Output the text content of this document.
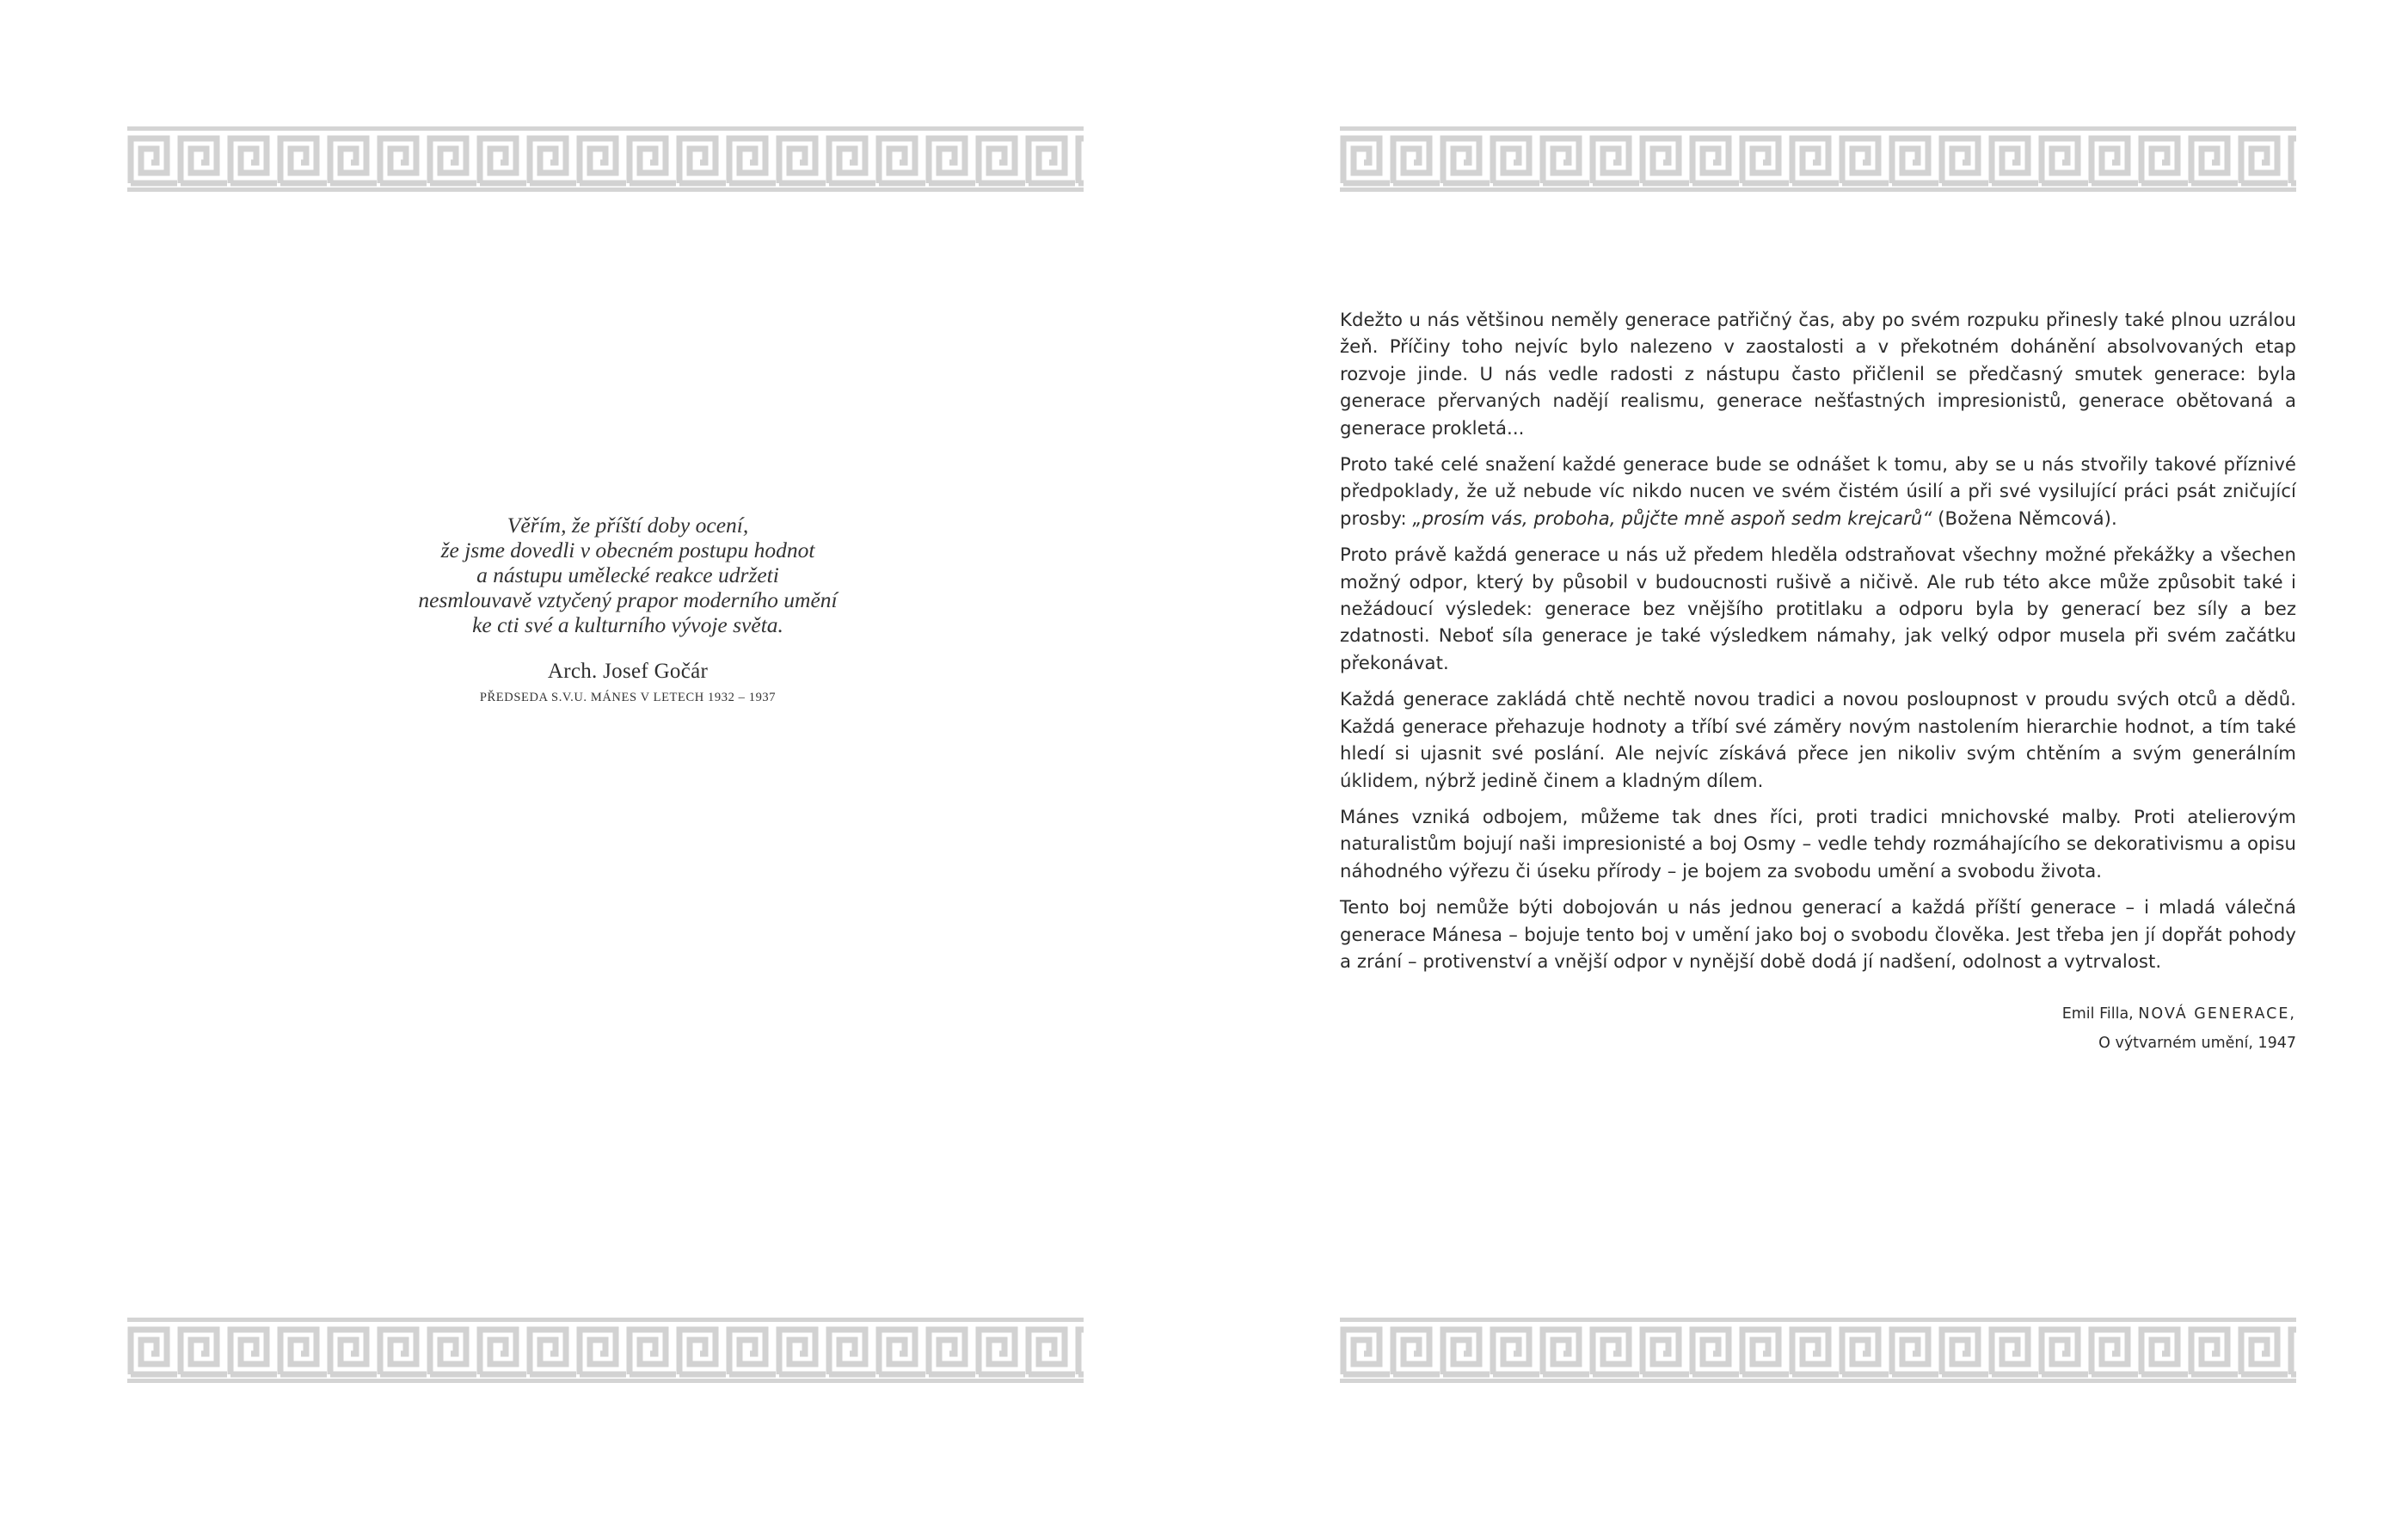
Věřím, že příští doby ocení,
že jsme dovedli v obecném postupu hodnot
a nástupu umělecké reakce udržeti
nesmlouvavě vztyčený prapor moderního umění
ke cti své a kulturního vývoje světa.

Arch. Josef Gočár
PŘEDSEDA S.V.U. MÁNES V LETECH 1932 – 1937

Kdežto u nás většinou neměly generace patřičný čas, aby po svém rozpuku přinesly také plnou uzrálou žeň. Příčiny toho nejvíc bylo nalezeno v zaostalosti a v překotném dohánění absolvovaných etap rozvoje jinde. U nás vedle radosti z nástupu často přičlenil se předčasný smutek generace: byla generace přervaných nadějí realismu, generace nešťastných impresionistů, generace obětovaná a generace prokletá...

Proto také celé snažení každé generace bude se odnášet k tomu, aby se u nás stvořily takové příznivé předpoklady, že už nebude víc nikdo nucen ve svém čistém úsilí a při své vysilující práci psát zničující prosby: „prosím vás, proboha, půjčte mně aspoň sedm krejcarů“ (Božena Němcová).

Proto právě každá generace u nás už předem hleděla odstraňovat všechny možné překážky a všechen možný odpor, který by působil v budoucnosti rušivě a ničivě. Ale rub této akce může způsobit také i nežádoucí výsledek: generace bez vnějšího protitlaku a odporu byla by generací bez síly a bez zdatnosti. Neboť síla generace je také výsledkem námahy, jak velký odpor musela při svém začátku překonávat.

Každá generace zakládá chtě nechtě novou tradici a novou posloupnost v proudu svých otců a dědů. Každá generace přehazuje hodnoty a tříbí své záměry novým nastolením hierarchie hodnot, a tím také hledí si ujasnit své poslání. Ale nejvíc získává přece jen nikoliv svým chtěním a svým generálním úklidem, nýbrž jedině činem a kladným dílem.

Mánes vzniká odbojem, můžeme tak dnes říci, proti tradici mnichovské malby. Proti atelierovým naturalistům bojují naši impresionisté a boj Osmy – vedle tehdy rozmáhajícího se dekorativismu a opisu náhodného výřezu či úseku přírody – je bojem za svobodu umění a svobodu života.

Tento boj nemůže býti dobojován u nás jednou generací a každá příští generace – i mladá válečná generace Mánesa – bojuje tento boj v umění jako boj o svobodu člověka. Jest třeba jen jí dopřát pohody a zrání – protivenství a vnější odpor v nynější době dodá jí nadšení, odolnost a vytrvalost.

Emil Filla, NOVÁ GENERACE,
O výtvarném umění, 1947
